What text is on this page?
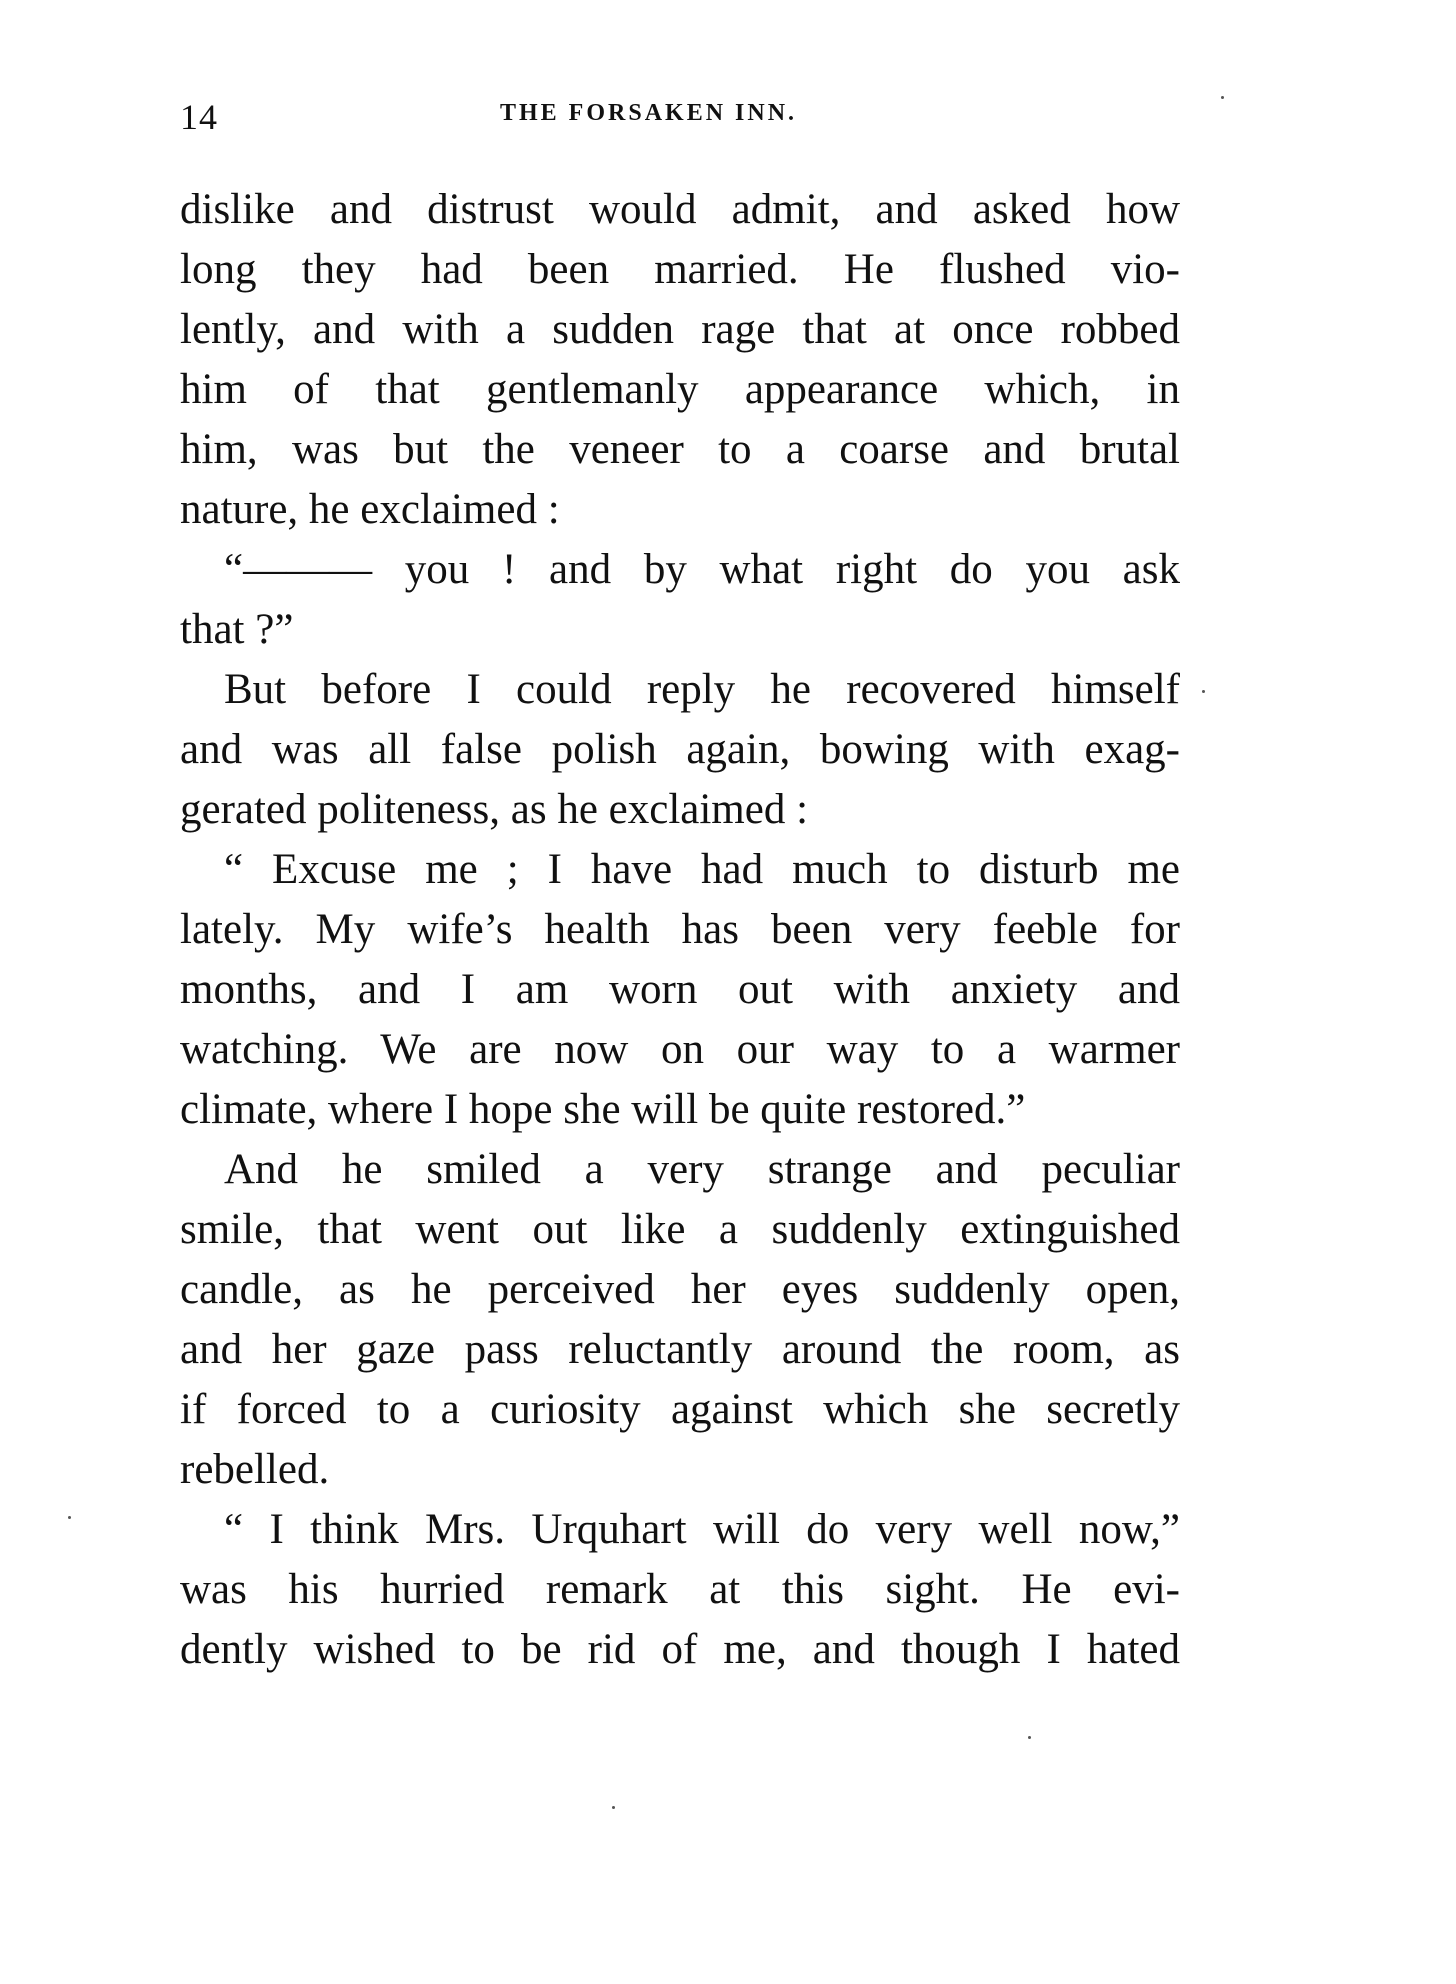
14	THE FORSAKEN INN.
dislike and distrust would admit, and asked how
long they had been married. He flushed vio-
lently, and with a sudden rage that at once robbed
him of that gentlemanly appearance which, in
him, was but the veneer to a coarse and brutal
nature, he exclaimed :
“——— you ! and by what right do you ask
that ?”
But before I could reply he recovered himself
and was all false polish again, bowing with exag-
gerated politeness, as he exclaimed :
“ Excuse me ; I have had much to disturb me
lately. My wife’s health has been very feeble for
months, and I am worn out with anxiety and
watching. We are now on our way to a warmer
climate, where I hope she will be quite restored.”
And he smiled a very strange and peculiar
smile, that went out like a suddenly extinguished
candle, as he perceived her eyes suddenly open,
and her gaze pass reluctantly around the room, as
if forced to a curiosity against which she secretly
rebelled.
“ I think Mrs. Urquhart will do very well now,”
was his hurried remark at this sight. He evi-
dently wished to be rid of me, and though I hated
